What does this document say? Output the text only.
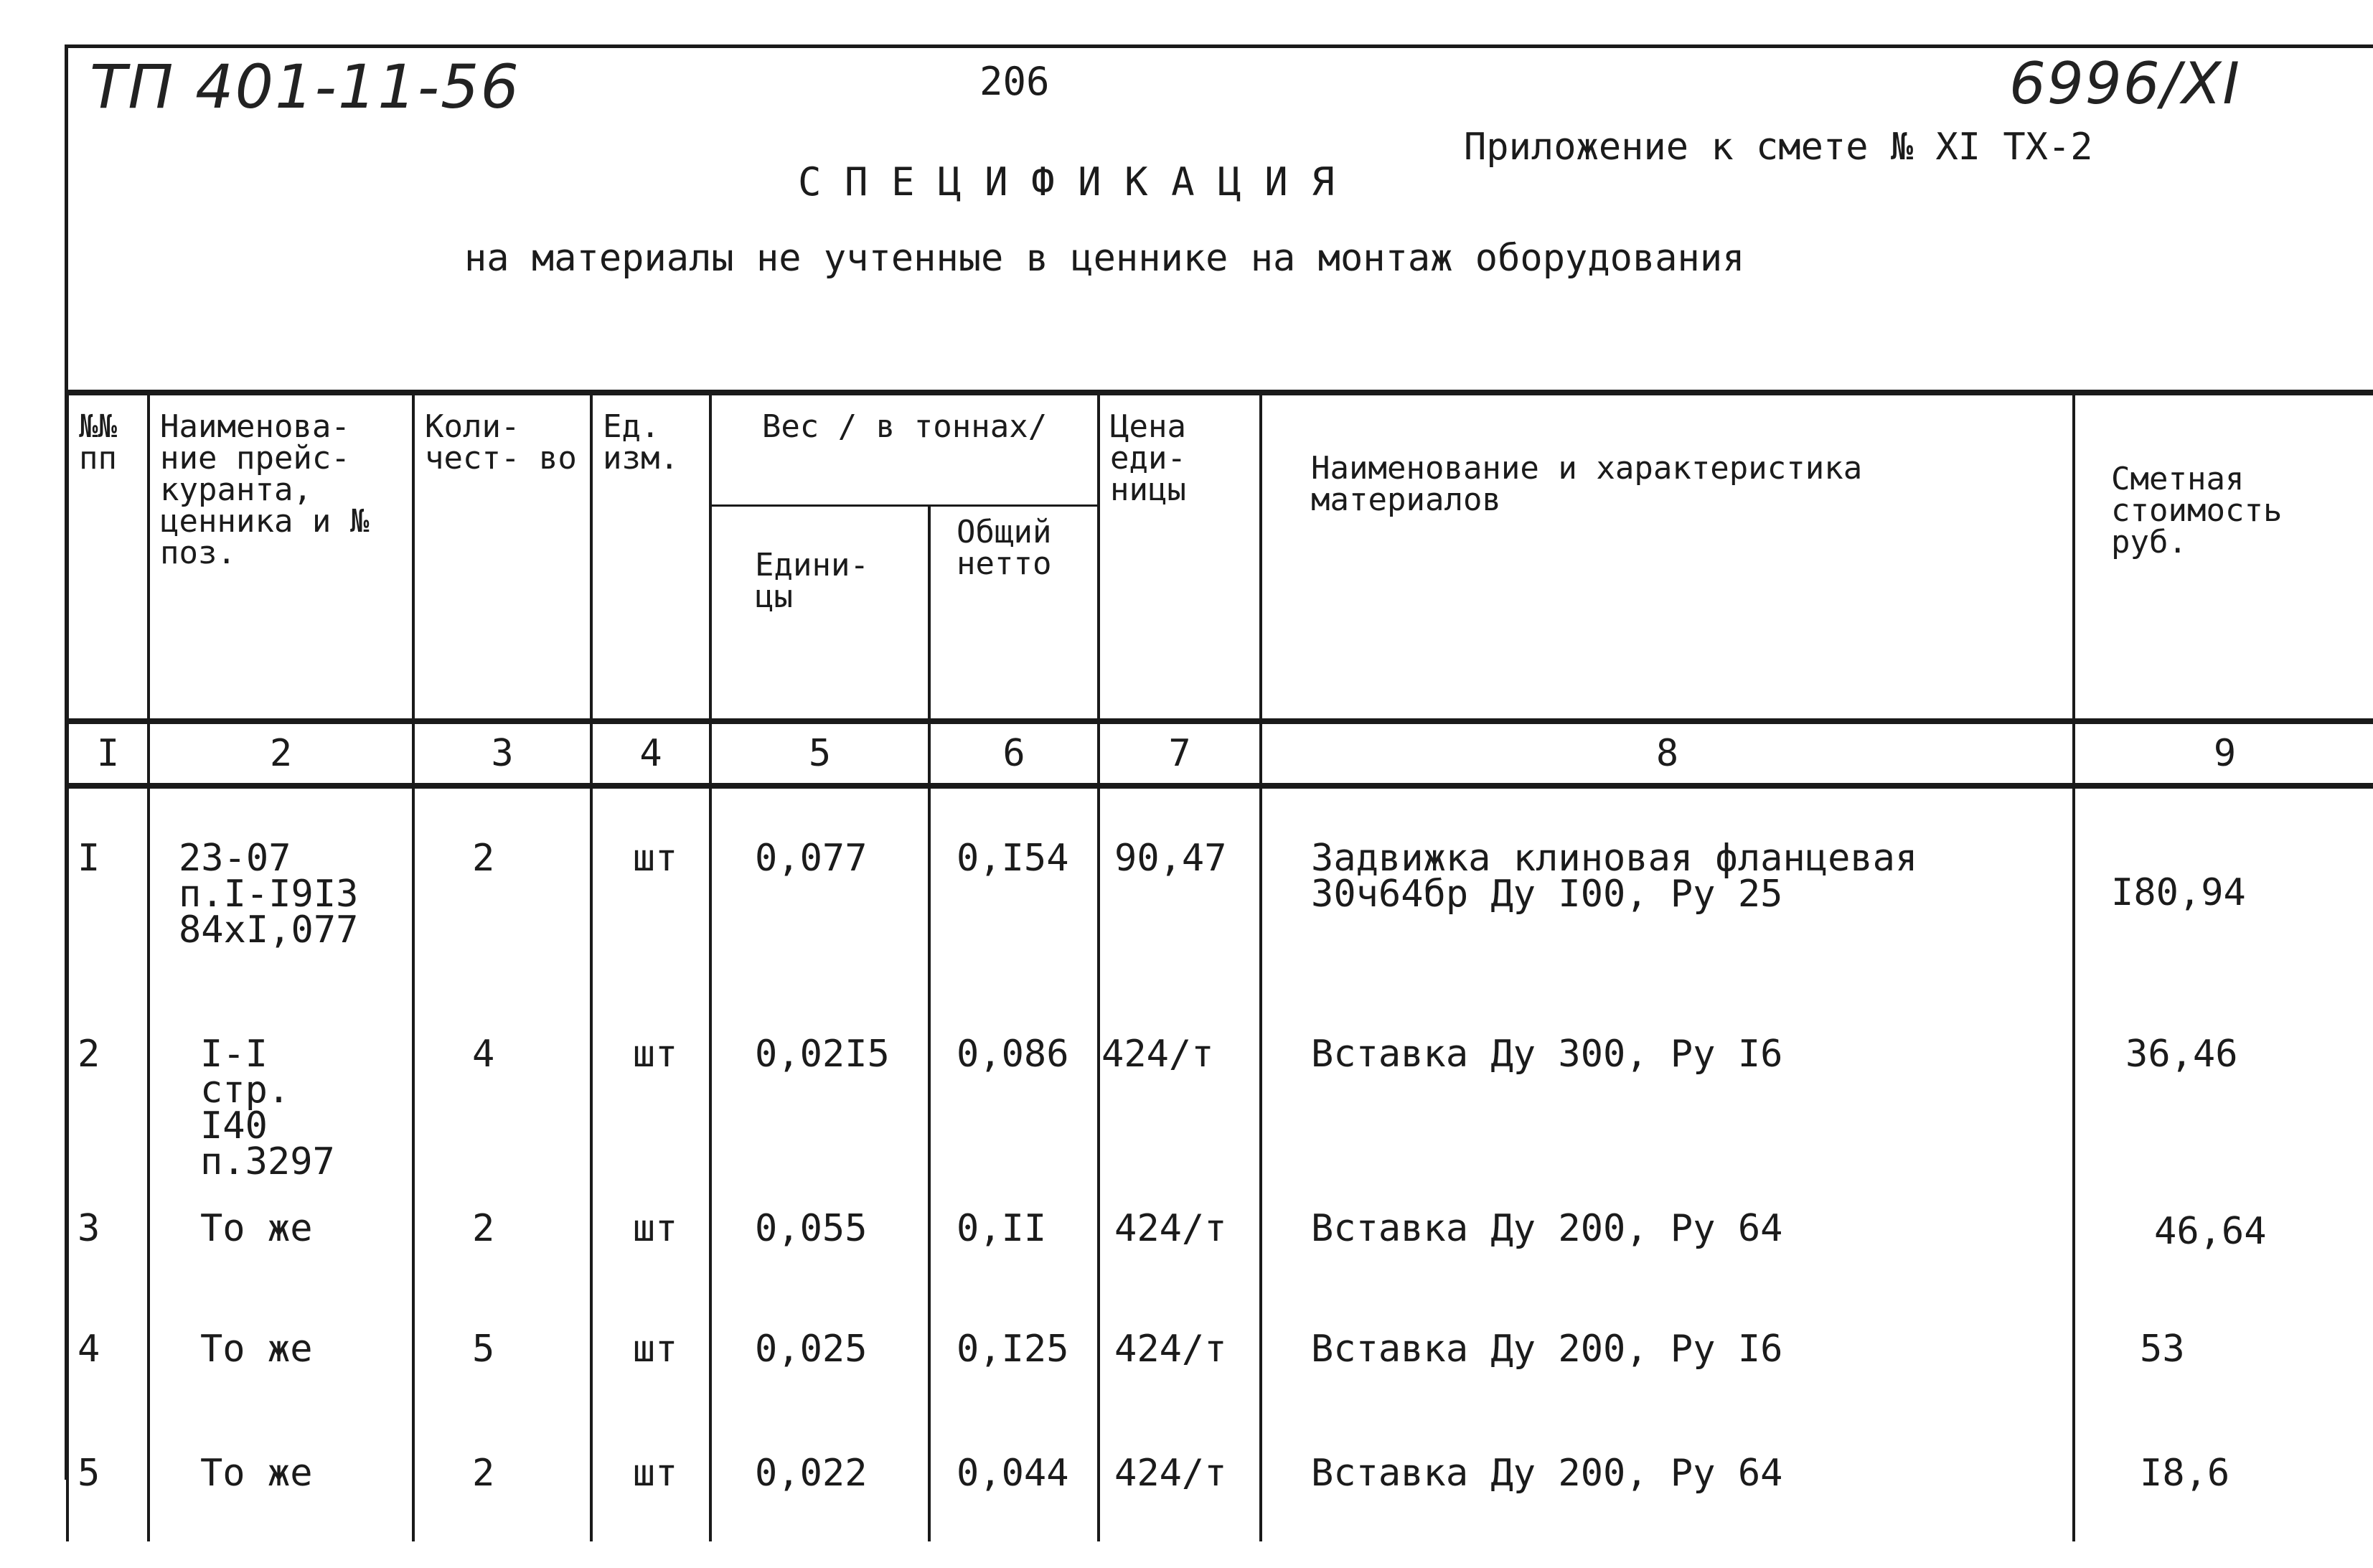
ТП 401-11-56	206	6996/XI
Приложение к смете № XI ТХ-2
С П Е Ц И Ф И К А Ц И Я
на материалы не учтенные в ценнике на монтаж оборудования
№№ пп	Наименова- ние прейс- куранта, ценника и № поз.	Коли- чест- во	Ед. изм.	Вес / в тоннах/		Цена еди- ницы	Наименование и характеристика материалов	Сметная стоимость руб.
				Едини- цы	Общий нетто			
I	2	3	4	5	6	7	8	9
I	23-07 п.I-I9I3 84xI,077	2	шт	0,077	0,I54	90,47	Задвижка клиновая фланцевая 30ч64бр Ду I00, Ру 25	I80,94
2	I-I стр. I40 п.3297	4	шт	0,02I5	0,086	424/т	Вставка Ду 300, Ру I6	36,46
3	То же	2	шт	0,055	0,II	424/т	Вставка Ду 200, Ру 64	46,64
4	То же	5	шт	0,025	0,I25	424/т	Вставка Ду 200, Ру I6	53
5	То же	2	шт	0,022	0,044	424/т	Вставка Ду 200, Ру 64	I8,6
